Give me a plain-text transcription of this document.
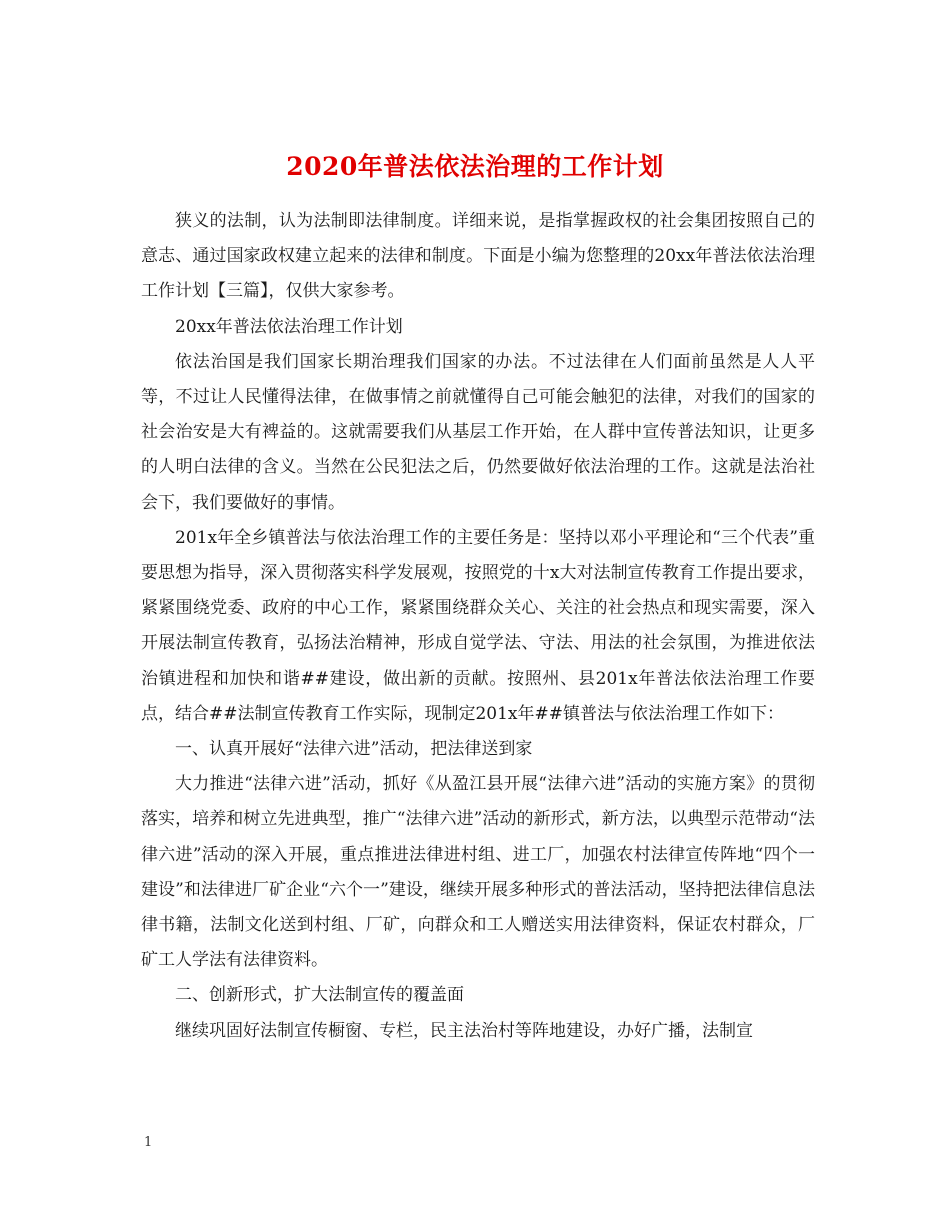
2020年普法依法治理的工作计划

狭义的法制，认为法制即法律制度。详细来说，是指掌握政权的社会集团按照自己的意志、通过国家政权建立起来的法律和制度。下面是小编为您整理的20xx年普法依法治理工作计划【三篇】，仅供大家参考。

20xx年普法依法治理工作计划

依法治国是我们国家长期治理我们国家的办法。不过法律在人们面前虽然是人人平等，不过让人民懂得法律，在做事情之前就懂得自己可能会触犯的法律，对我们的国家的社会治安是大有裨益的。这就需要我们从基层工作开始，在人群中宣传普法知识，让更多的人明白法律的含义。当然在公民犯法之后，仍然要做好依法治理的工作。这就是法治社会下，我们要做好的事情。

201x年全乡镇普法与依法治理工作的主要任务是：坚持以邓小平理论和“三个代表”重要思想为指导，深入贯彻落实科学发展观，按照党的十x大对法制宣传教育工作提出要求，紧紧围绕党委、政府的中心工作，紧紧围绕群众关心、关注的社会热点和现实需要，深入开展法制宣传教育，弘扬法治精神，形成自觉学法、守法、用法的社会氛围，为推进依法治镇进程和加快和谐##建设，做出新的贡献。按照州、县201x年普法依法治理工作要点，结合##法制宣传教育工作实际，现制定201x年##镇普法与依法治理工作如下：

一、认真开展好“法律六进”活动，把法律送到家

大力推进“法律六进”活动，抓好《从盈江县开展“法律六进”活动的实施方案》的贯彻落实，培养和树立先进典型，推广“法律六进”活动的新形式，新方法，以典型示范带动“法律六进”活动的深入开展，重点推进法律进村组、进工厂，加强农村法律宣传阵地“四个一建设”和法律进厂矿企业“六个一”建设，继续开展多种形式的普法活动，坚持把法律信息法律书籍，法制文化送到村组、厂矿，向群众和工人赠送实用法律资料，保证农村群众，厂矿工人学法有法律资料。

二、创新形式，扩大法制宣传的覆盖面

继续巩固好法制宣传橱窗、专栏，民主法治村等阵地建设，办好广播，法制宣

1
